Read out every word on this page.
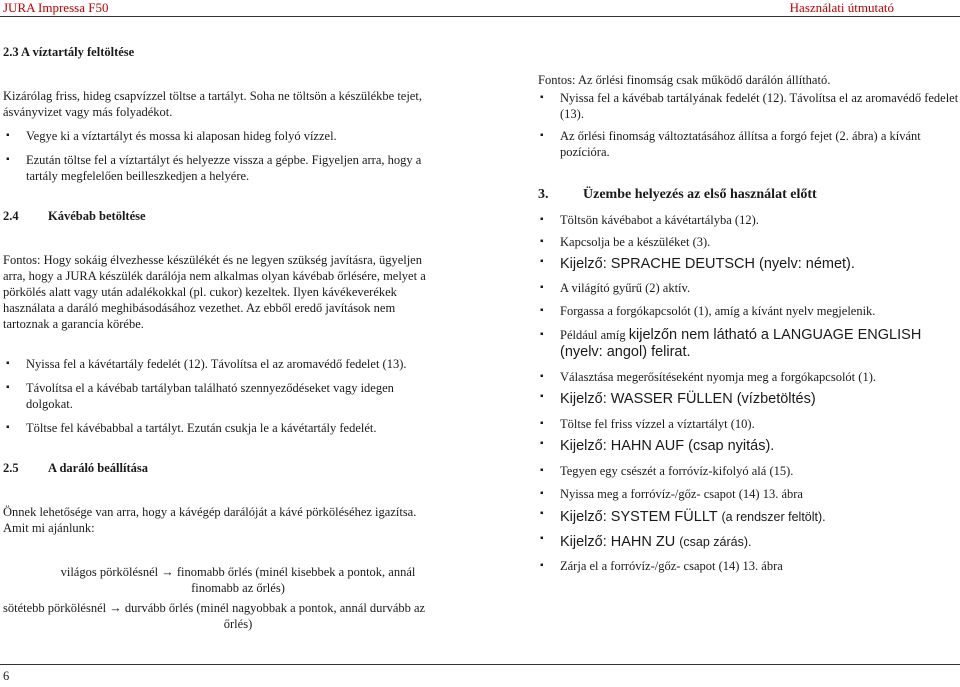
JURA Impressa F50	Használati útmutató
2.3 A víztartály feltöltése
Kizárólag friss, hideg csapvízzel töltse a tartályt. Soha ne töltsön a készülékbe tejet,
ásványvizet vagy más folyadékot.
▪ Vegye ki a víztartályt és mossa ki alaposan hideg folyó vízzel.
▪ Ezután töltse fel a víztartályt és helyezze vissza a gépbe. Figyeljen arra, hogy a
tartály megfelelően beilleszkedjen a helyére.
2.4 Kávébab betöltése
Fontos: Hogy sokáig élvezhesse készülékét és ne legyen szükség javításra, ügyeljen
arra, hogy a JURA készülék darálója nem alkalmas olyan kávébab őrlésére, melyet a
pörkölés alatt vagy után adalékokkal (pl. cukor) kezeltek. Ilyen kávékeverékek
használata a daráló meghibásodásához vezethet. Az ebből eredő javítások nem
tartoznak a garancia körébe.
▪ Nyissa fel a kávétartály fedelét (12). Távolítsa el az aromavédő fedelet (13).
▪ Távolítsa el a kávébab tartályban található szennyeződéseket vagy idegen
dolgokat.
▪ Töltse fel kávébabbal a tartályt. Ezután csukja le a kávétartály fedelét.
2.5 A daráló beállítása
Önnek lehetősége van arra, hogy a kávégép darálóját a kávé pörköléséhez igazítsa.
Amit mi ajánlunk:
világos pörkölésnél → finomabb őrlés (minél kisebbek a pontok, annál
finomabb az őrlés)
sötétebb pörkölésnél → durvább őrlés (minél nagyobbak a pontok, annál durvább az
őrlés)
Fontos: Az őrlési finomság csak működő darálón állítható.
▪ Nyissa fel a kávébab tartályának fedelét (12). Távolítsa el az aromavédő fedelet
(13).
▪ Az őrlési finomság változtatásához állítsa a forgó fejet (2. ábra) a kívánt
pozícióra.
3. Üzembe helyezés az első használat előtt
▪ Töltsön kávébabot a kávétartályba (12).
▪ Kapcsolja be a készüléket (3).
▪ Kijelző: SPRACHE DEUTSCH (nyelv: német).
▪ A világító gyűrű (2) aktív.
▪ Forgassa a forgókapcsolót (1), amíg a kívánt nyelv megjelenik.
▪ Például amíg kijelzőn nem látható a LANGUAGE ENGLISH
(nyelv: angol) felirat.
▪ Választása megerősítéseként nyomja meg a forgókapcsolót (1).
▪ Kijelző: WASSER FÜLLEN (vízbetöltés)
▪ Töltse fel friss vízzel a víztartályt (10).
▪ Kijelző: HAHN AUF (csap nyitás).
▪ Tegyen egy csészét a forróvíz-kifolyó alá (15).
▪ Nyissa meg a forróvíz-/gőz- csapot (14) 13. ábra
▪ Kijelző: SYSTEM FÜLLT (a rendszer feltölt).
▪ Kijelző: HAHN ZU (csap zárás).
▪ Zárja el a forróvíz-/gőz- csapot (14) 13. ábra
6
